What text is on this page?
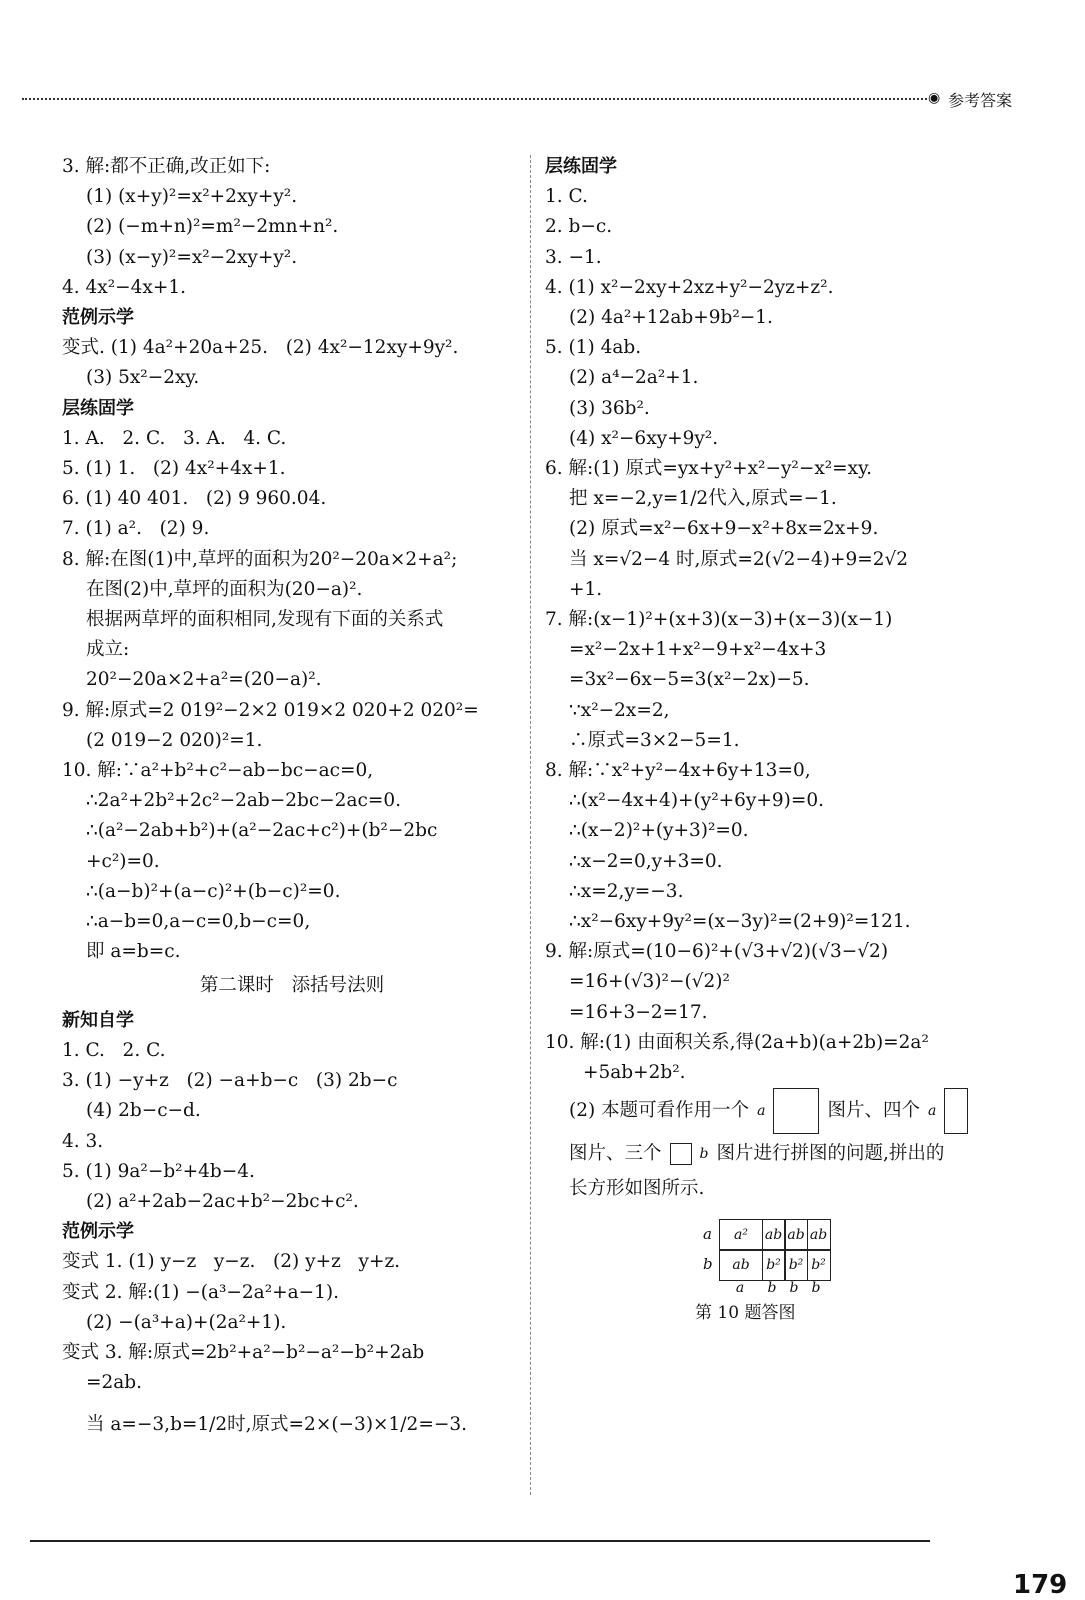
◉ 参考答案
3. 解:都不正确,改正如下:
(1) (x+y)²=x²+2xy+y².
(2) (−m+n)²=m²−2mn+n².
(3) (x−y)²=x²−2xy+y².
4. 4x²−4x+1.
范例示学
变式. (1) 4a²+20a+25.   (2) 4x²−12xy+9y².
(3) 5x²−2xy.
层练固学
1. A.   2. C.   3. A.   4. C.
5. (1) 1.   (2) 4x²+4x+1.
6. (1) 40 401.   (2) 9 960.04.
7. (1) a².   (2) 9.
8. 解:在图(1)中,草坪的面积为20²−20a×2+a²;
在图(2)中,草坪的面积为(20−a)².
根据两草坪的面积相同,发现有下面的关系式
成立:
20²−20a×2+a²=(20−a)².
9. 解:原式=2 019²−2×2 019×2 020+2 020²=
(2 019−2 020)²=1.
10. 解:∵a²+b²+c²−ab−bc−ac=0,
∴2a²+2b²+2c²−2ab−2bc−2ac=0.
∴(a²−2ab+b²)+(a²−2ac+c²)+(b²−2bc
+c²)=0.
∴(a−b)²+(a−c)²+(b−c)²=0.
∴a−b=0,a−c=0,b−c=0,
即 a=b=c.
第二课时   添括号法则
新知自学
1. C.   2. C.
3. (1) −y+z   (2) −a+b−c   (3) 2b−c
(4) 2b−c−d.
4. 3.
5. (1) 9a²−b²+4b−4.
(2) a²+2ab−2ac+b²−2bc+c².
范例示学
变式 1. (1) y−z   y−z.   (2) y+z   y+z.
变式 2. 解:(1) −(a³−2a²+a−1).
(2) −(a³+a)+(2a²+1).
变式 3. 解:原式=2b²+a²−b²−a²−b²+2ab
=2ab.
当 a=−3,b=1/2时,原式=2×(−3)×1/2=−3.
层练固学
1. C.
2. b−c.
3. −1.
4. (1) x²−2xy+2xz+y²−2yz+z².
(2) 4a²+12ab+9b²−1.
5. (1) 4ab.
(2) a⁴−2a²+1.
(3) 36b².
(4) x²−6xy+9y².
6. 解:(1) 原式=yx+y²+x²−y²−x²=xy.
把 x=−2,y=1/2代入,原式=−1.
(2) 原式=x²−6x+9−x²+8x=2x+9.
当 x=√2−4 时,原式=2(√2−4)+9=2√2
+1.
7. 解:(x−1)²+(x+3)(x−3)+(x−3)(x−1)
=x²−2x+1+x²−9+x²−4x+3
=3x²−6x−5=3(x²−2x)−5.
∵x²−2x=2,
∴原式=3×2−5=1.
8. 解:∵x²+y²−4x+6y+13=0,
∴(x²−4x+4)+(y²+6y+9)=0.
∴(x−2)²+(y+3)²=0.
∴x−2=0,y+3=0.
∴x=2,y=−3.
∴x²−6xy+9y²=(x−3y)²=(2+9)²=121.
9. 解:原式=(10−6)²+(√3+√2)(√3−√2)
=16+(√3)²−(√2)²
=16+3−2=17.
10. 解:(1) 由面积关系,得(2a+b)(a+2b)=2a²
+5ab+2b².
(2) 本题可看作用一个 a	图片、四个 a
图片、三个	b 图片进行拼图的问题,拼出的
长方形如图所示.
a	a²	ab ab ab
b	ab	b² b² b²
a	b b b
第 10 题答图
179
